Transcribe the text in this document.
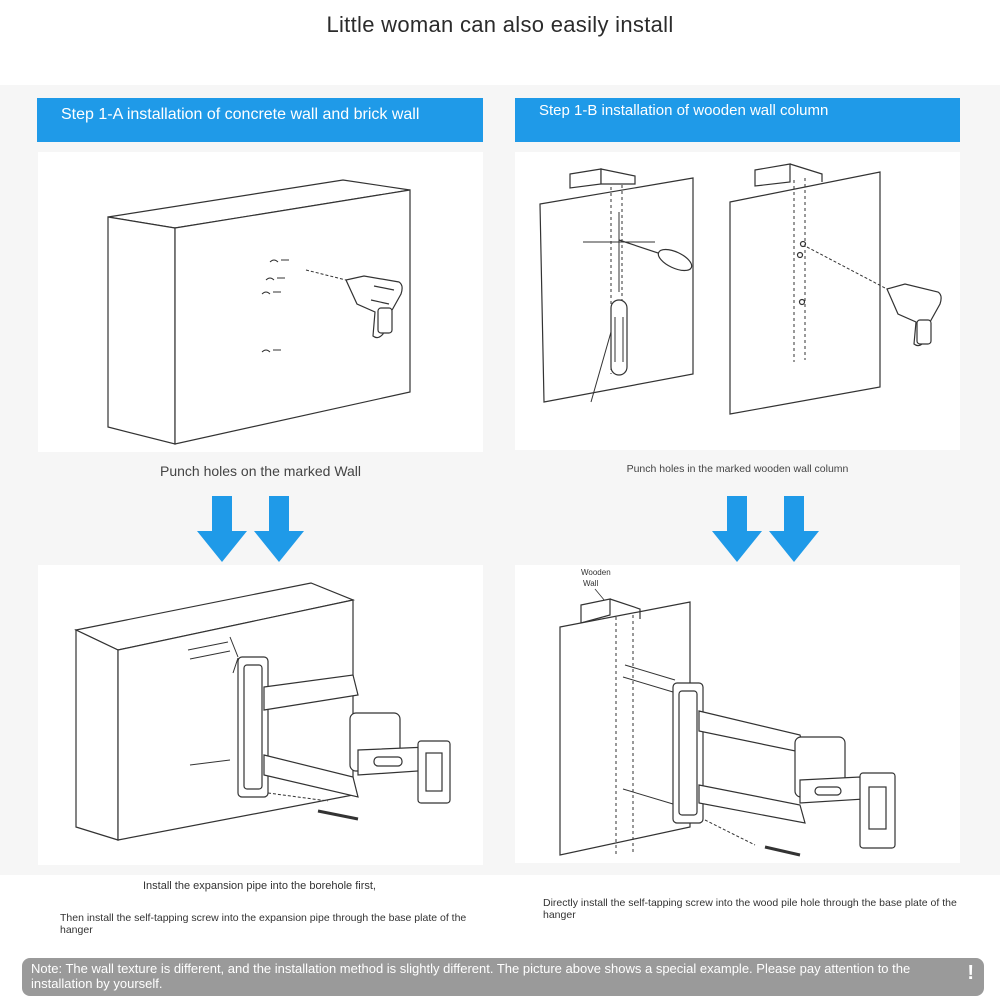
Little woman can also easily install
Step 1-A installation of concrete wall and brick wall	Step 1-B installation of wooden wall column
Punch holes on the marked Wall	Punch holes in the marked wooden wall column
Wooden
Wall
Install the expansion pipe into the borehole first,
Then install the self-tapping screw into the expansion pipe through the base plate of the hanger
Directly install the self-tapping screw into the wood pile hole through the base plate of the hanger
Note: The wall texture is different, and the installation method is slightly different. The picture above shows a special example. Please pay attention to the installation by yourself.	!
